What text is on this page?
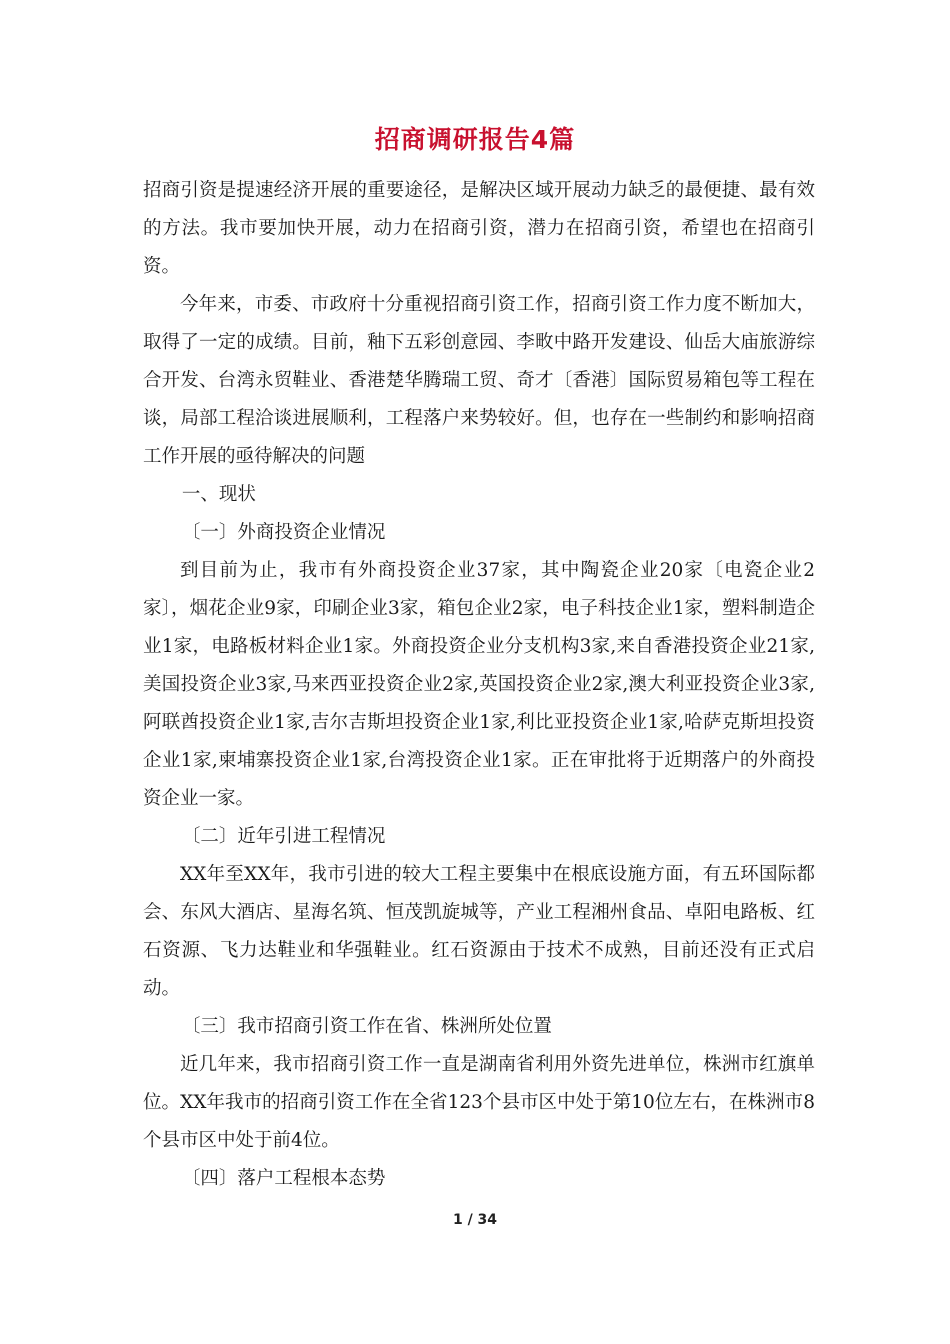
招商调研报告4篇

招商引资是提速经济开展的重要途径，是解决区域开展动力缺乏的最便捷、最有效的方法。我市要加快开展，动力在招商引资，潜力在招商引资，希望也在招商引资。

今年来，市委、市政府十分重视招商引资工作，招商引资工作力度不断加大，取得了一定的成绩。目前，釉下五彩创意园、李畋中路开发建设、仙岳大庙旅游综合开发、台湾永贸鞋业、香港楚华腾瑞工贸、奇才〔香港〕国际贸易箱包等工程在谈，局部工程洽谈进展顺利，工程落户来势较好。但，也存在一些制约和影响招商工作开展的亟待解决的问题

一、现状

〔一〕外商投资企业情况

到目前为止，我市有外商投资企业37家，其中陶瓷企业20家〔电瓷企业2家〕，烟花企业9家，印刷企业3家，箱包企业2家，电子科技企业1家，塑料制造企业1家，电路板材料企业1家。外商投资企业分支机构3家,来自香港投资企业21家,美国投资企业3家,马来西亚投资企业2家,英国投资企业2家,澳大利亚投资企业3家,阿联酋投资企业1家,吉尔吉斯坦投资企业1家,利比亚投资企业1家,哈萨克斯坦投资企业1家,柬埔寨投资企业1家,台湾投资企业1家。正在审批将于近期落户的外商投资企业一家。

〔二〕近年引进工程情况

XX年至XX年，我市引进的较大工程主要集中在根底设施方面，有五环国际都会、东风大酒店、星海名筑、恒茂凯旋城等，产业工程湘州食品、卓阳电路板、红石资源、飞力达鞋业和华强鞋业。红石资源由于技术不成熟，目前还没有正式启动。

〔三〕我市招商引资工作在省、株洲所处位置

近几年来，我市招商引资工作一直是湖南省利用外资先进单位，株洲市红旗单位。XX年我市的招商引资工作在全省123个县市区中处于第10位左右，在株洲市8个县市区中处于前4位。

〔四〕落户工程根本态势

1 / 34
